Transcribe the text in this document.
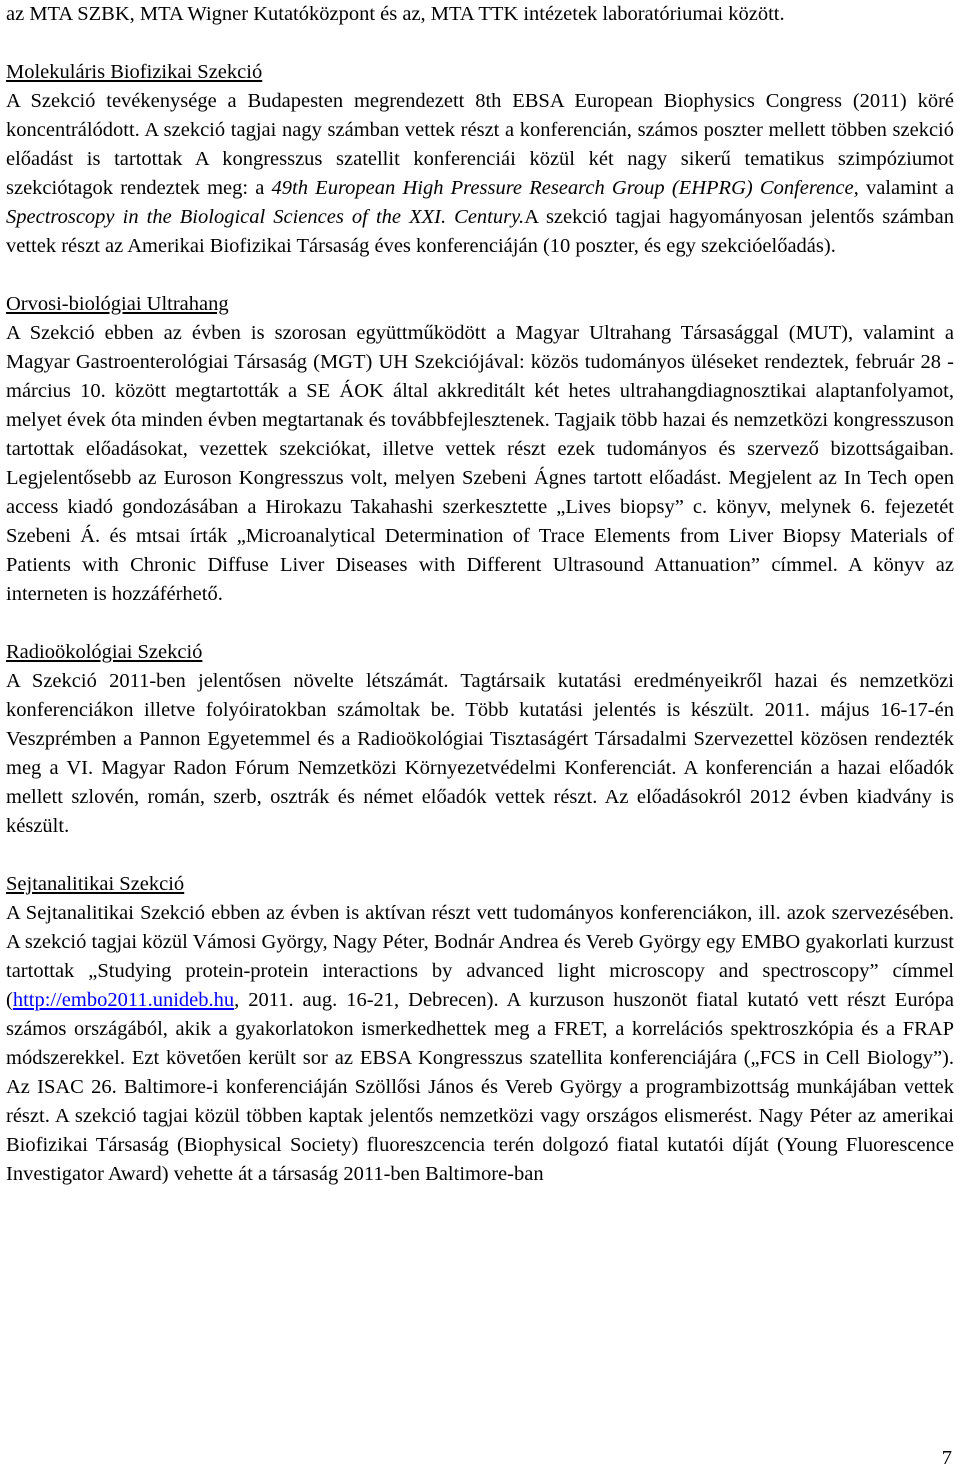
az MTA SZBK, MTA Wigner Kutatóközpont és az, MTA TTK intézetek laboratóriumai között.

Molekuláris Biofizikai Szekció

A Szekció tevékenysége a Budapesten megrendezett 8th EBSA European Biophysics Congress (2011) köré koncentrálódott. A szekció tagjai nagy számban vettek részt a konferencián, számos poszter mellett többen szekció előadást is tartottak A kongresszus szatellit konferenciái közül két nagy sikerű tematikus szimpóziumot szekciótagok rendeztek meg: a 49th European High Pressure Research Group (EHPRG) Conference, valamint a Spectroscopy in the Biological Sciences of the XXI. Century.A szekció tagjai hagyományosan jelentős számban vettek részt az Amerikai Biofizikai Társaság éves konferenciáján (10 poszter, és egy szekcióelőadás).

Orvosi-biológiai Ultrahang

A Szekció ebben az évben is szorosan együttműködött a Magyar Ultrahang Társasággal (MUT), valamint a Magyar Gastroenterológiai Társaság (MGT) UH Szekciójával: közös tudományos üléseket rendeztek, február 28 - március 10. között megtartották a SE ÁOK által akkreditált két hetes ultrahangdiagnosztikai alaptanfolyamot, melyet évek óta minden évben megtartanak és továbbfejlesztenek. Tagjaik több hazai és nemzetközi kongresszuson tartottak előadásokat, vezettek szekciókat, illetve vettek részt ezek tudományos és szervező bizottságaiban. Legjelentősebb az Euroson Kongresszus volt, melyen Szebeni Ágnes tartott előadást. Megjelent az In Tech open access kiadó gondozásában a Hirokazu Takahashi szerkesztette „Lives biopsy” c. könyv, melynek 6. fejezetét Szebeni Á. és mtsai írták „Microanalytical Determination of Trace Elements from Liver Biopsy Materials of Patients with Chronic Diffuse Liver Diseases with Different Ultrasound Attanuation” címmel. A könyv az interneten is hozzáférhető.

Radioökológiai Szekció

A Szekció 2011-ben jelentősen növelte létszámát. Tagtársaik kutatási eredményeikről hazai és nemzetközi konferenciákon illetve folyóiratokban számoltak be. Több kutatási jelentés is készült. 2011. május 16-17-én Veszprémben a Pannon Egyetemmel és a Radioökológiai Tisztaságért Társadalmi Szervezettel közösen rendezték meg a VI. Magyar Radon Fórum Nemzetközi Környezetvédelmi Konferenciát. A konferencián a hazai előadók mellett szlovén, román, szerb, osztrák és német előadók vettek részt. Az előadásokról 2012 évben kiadvány is készült.

Sejtanalitikai Szekció

A Sejtanalitikai Szekció ebben az évben is aktívan részt vett tudományos konferenciákon, ill. azok szervezésében. A szekció tagjai közül Vámosi György, Nagy Péter, Bodnár Andrea és Vereb György egy EMBO gyakorlati kurzust tartottak „Studying protein-protein interactions by advanced light microscopy and spectroscopy” címmel (http://embo2011.unideb.hu, 2011. aug. 16-21, Debrecen). A kurzuson huszonöt fiatal kutató vett részt Európa számos országából, akik a gyakorlatokon ismerkedhettek meg a FRET, a korrelációs spektroszkópia és a FRAP módszerekkel. Ezt követően került sor az EBSA Kongresszus szatellita konferenciájára („FCS in Cell Biology”). Az ISAC 26. Baltimore-i konferenciáján Szöllősi János és Vereb György a programbizottság munkájában vettek részt. A szekció tagjai közül többen kaptak jelentős nemzetközi vagy országos elismerést. Nagy Péter az amerikai Biofizikai Társaság (Biophysical Society) fluoreszcencia terén dolgozó fiatal kutatói díját (Young Fluorescence Investigator Award) vehette át a társaság 2011-ben Baltimore-ban

7
